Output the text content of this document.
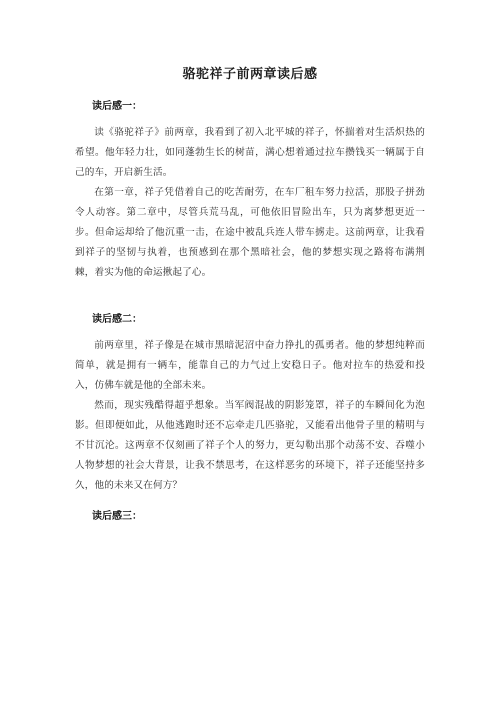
骆驼祥子前两章读后感
读后感一：

读《骆驼祥子》前两章，我看到了初入北平城的祥子，怀揣着对生活炽热的希望。他年轻力壮，如同蓬勃生长的树苗，满心想着通过拉车攒钱买一辆属于自己的车，开启新生活。

在第一章，祥子凭借着自己的吃苦耐劳，在车厂租车努力拉活，那股子拼劲令人动容。第二章中，尽管兵荒马乱，可他依旧冒险出车，只为离梦想更近一步。但命运却给了他沉重一击，在途中被乱兵连人带车掳走。这前两章，让我看到祥子的坚韧与执着，也预感到在那个黑暗社会，他的梦想实现之路将布满荆棘，着实为他的命运揪起了心。

读后感二：

前两章里，祥子像是在城市黑暗泥沼中奋力挣扎的孤勇者。他的梦想纯粹而简单，就是拥有一辆车，能靠自己的力气过上安稳日子。他对拉车的热爱和投入，仿佛车就是他的全部未来。

然而，现实残酷得超乎想象。当军阀混战的阴影笼罩，祥子的车瞬间化为泡影。但即便如此，从他逃跑时还不忘牵走几匹骆驼，又能看出他骨子里的精明与不甘沉沦。这两章不仅刻画了祥子个人的努力，更勾勒出那个动荡不安、吞噬小人物梦想的社会大背景，让我不禁思考，在这样恶劣的环境下，祥子还能坚持多久，他的未来又在何方？

读后感三：
